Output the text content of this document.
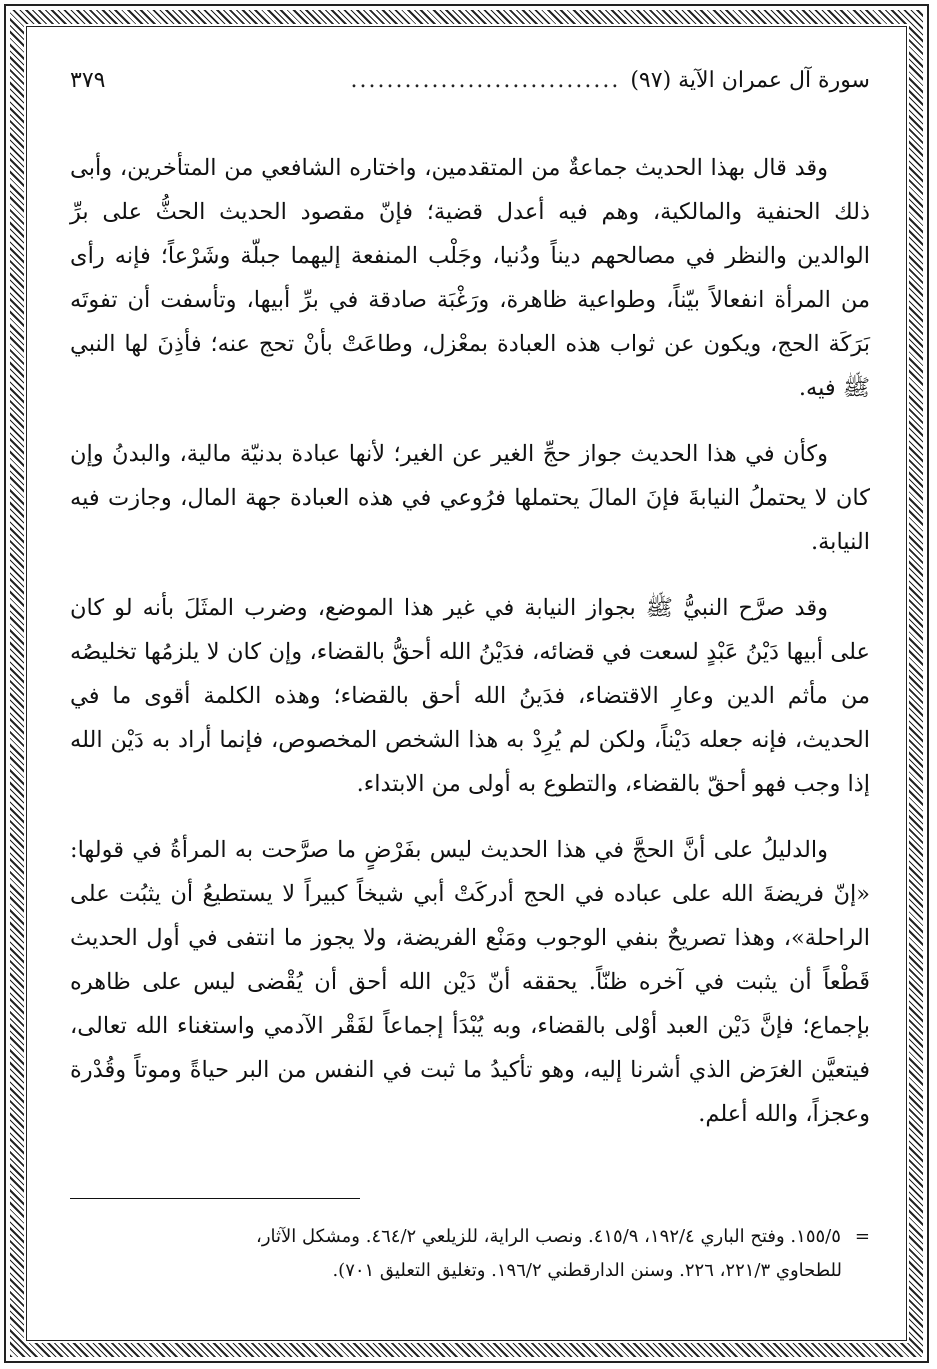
سورة آل عمران الآية (٩٧)
..............................
٣٧٩

وقد قال بهذا الحديث جماعةٌ من المتقدمين، واختاره الشافعي من المتأخرين، وأبى ذلك الحنفية والمالكية، وهم فيه أعدل قضية؛ فإنّ مقصود الحديث الحثُّ على برِّ الوالدين والنظر في مصالحهم ديناً ودُنيا، وجَلْب المنفعة إليهما جبلّة وشَرْعاً؛ فإنه رأى من المرأة انفعالاً بيّناً، وطواعية ظاهرة، ورَغْبَة صادقة في برِّ أبيها، وتأسفت أن تفوتَه بَرَكَة الحج، ويكون عن ثواب هذه العبادة بمعْزل، وطاعَتْ بأنْ تحج عنه؛ فأذِنَ لها النبي ﷺ فيه.

وكأن في هذا الحديث جواز حجِّ الغير عن الغير؛ لأنها عبادة بدنيّة مالية، والبدنُ وإن كان لا يحتملُ النيابةَ فإنَ المالَ يحتملها فرُوعي في هذه العبادة جهة المال، وجازت فيه النيابة.

وقد صرَّح النبيُّ ﷺ بجواز النيابة في غير هذا الموضع، وضرب المثَلَ بأنه لو كان على أبيها دَيْنُ عَبْدٍ لسعت في قضائه، فدَيْنُ الله أحقُّ بالقضاء، وإن كان لا يلزمُها تخليصُه من مأثم الدين وعارِ الاقتضاء، فدَينُ الله أحق بالقضاء؛ وهذه الكلمة أقوى ما في الحديث، فإنه جعله دَيْناً، ولكن لم يُرِدْ به هذا الشخص المخصوص، فإنما أراد به دَيْن الله إذا وجب فهو أحقّ بالقضاء، والتطوع به أولى من الابتداء.

والدليلُ على أنَّ الحجَّ في هذا الحديث ليس بفَرْضٍ ما صرَّحت به المرأةُ في قولها: «إنّ فريضةَ الله على عباده في الحج أدركَتْ أبي شيخاً كبيراً لا يستطيعُ أن يثبُت على الراحلة»، وهذا تصريحٌ بنفي الوجوب ومَنْع الفريضة، ولا يجوز ما انتفى في أول الحديث قَطْعاً أن يثبت في آخره ظنّاً. يحققه أنّ دَيْن الله أحق أن يُقْضى ليس على ظاهره بإجماع؛ فإنَّ دَيْن العبد أوْلى بالقضاء، وبه يُبْدَأ إجماعاً لفَقْر الآدمي واستغناء الله تعالى، فيتعيَّن الغرَض الذي أشرنا إليه، وهو تأكيدُ ما ثبت في النفس من البر حياةً وموتاً وقُدْرة وعجزاً، والله أعلم.

=١٥٥/٥. وفتح الباري ١٩٢/٤، ٤١٥/٩. ونصب الراية، للزيلعي ٤٦٤/٢. ومشكل الآثار،
للطحاوي ٢٢١/٣، ٢٢٦. وسنن الدارقطني ١٩٦/٢. وتغليق التعليق ٧٠١).
